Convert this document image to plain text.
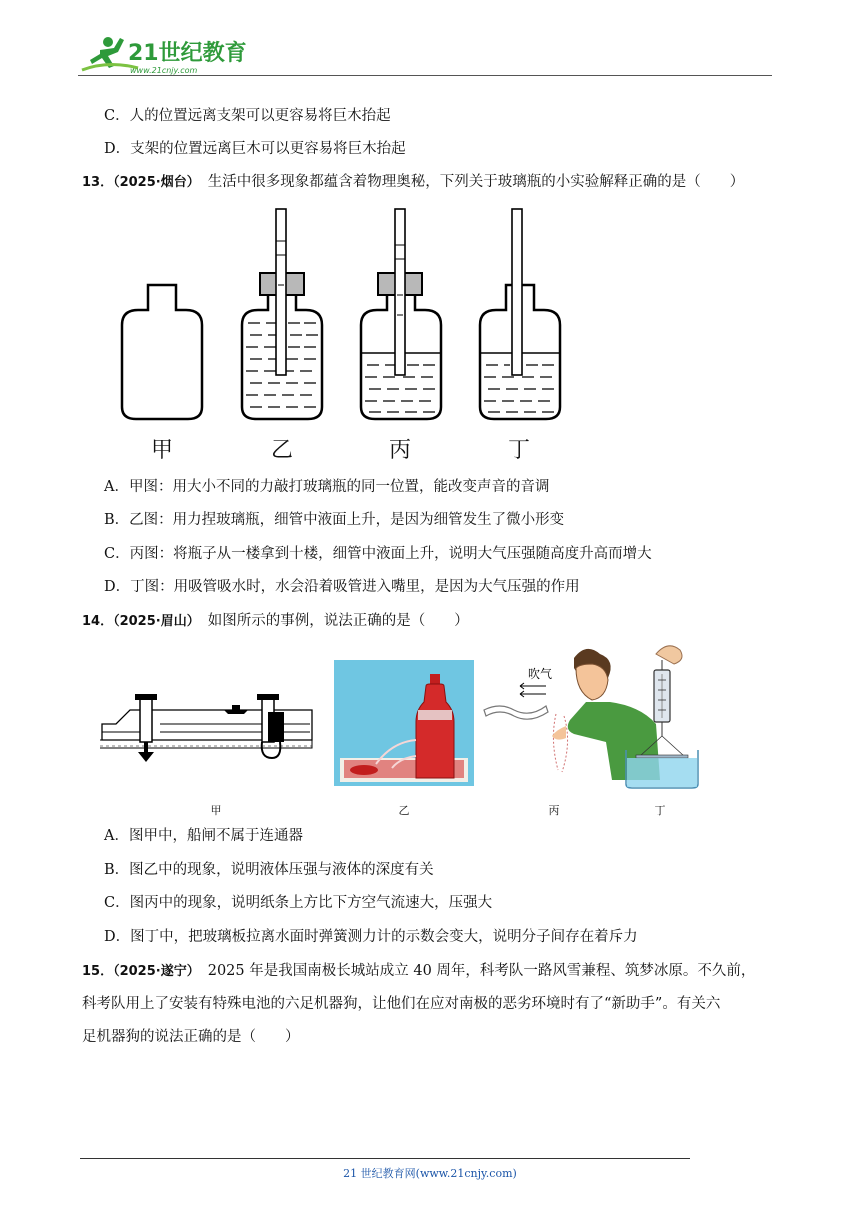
21世纪教育
www.21cnjy.com
C．人的位置远离支架可以更容易将巨木抬起
D．支架的位置远离巨木可以更容易将巨木抬起
13．（2025·烟台） 生活中很多现象都蕴含着物理奥秘，下列关于玻璃瓶的小实验解释正确的是（　　）
甲	乙	丙	丁
A．甲图：用大小不同的力敲打玻璃瓶的同一位置，能改变声音的音调
B．乙图：用力捏玻璃瓶，细管中液面上升，是因为细管发生了微小形变
C．丙图：将瓶子从一楼拿到十楼，细管中液面上升，说明大气压强随高度升高而增大
D．丁图：用吸管吸水时，水会沿着吸管进入嘴里，是因为大气压强的作用
14．（2025·眉山） 如图所示的事例，说法正确的是（　　）
吹气
甲	乙	丙	丁
A．图甲中，船闸不属于连通器
B．图乙中的现象，说明液体压强与液体的深度有关
C．图丙中的现象，说明纸条上方比下方空气流速大，压强大
D．图丁中，把玻璃板拉离水面时弹簧测力计的示数会变大，说明分子间存在着斥力
15．（2025·遂宁） 2025 年是我国南极长城站成立 40 周年，科考队一路风雪兼程、筑梦冰原。不久前，
科考队用上了安装有特殊电池的六足机器狗，让他们在应对南极的恶劣环境时有了“新助手”。有关六
足机器狗的说法正确的是（　　）
21 世纪教育网(www.21cnjy.com)
